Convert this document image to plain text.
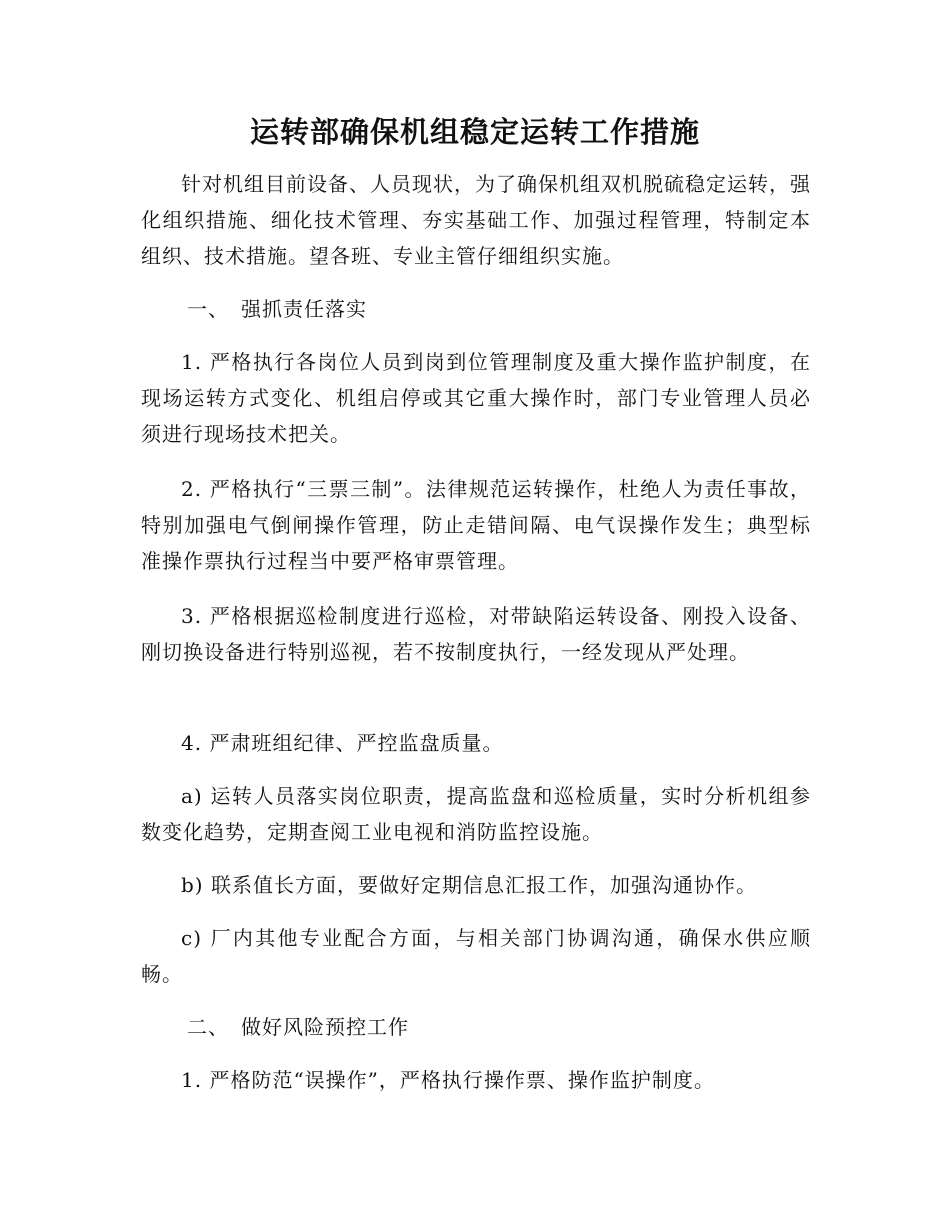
运转部确保机组稳定运转工作措施

针对机组目前设备、人员现状，为了确保机组双机脱硫稳定运转，强化组织措施、细化技术管理、夯实基础工作、加强过程管理，特制定本组织、技术措施。望各班、专业主管仔细组织实施。

一、 强抓责任落实

1. 严格执行各岗位人员到岗到位管理制度及重大操作监护制度，在现场运转方式变化、机组启停或其它重大操作时，部门专业管理人员必须进行现场技术把关。

2. 严格执行“三票三制”。法律规范运转操作，杜绝人为责任事故，特别加强电气倒闸操作管理，防止走错间隔、电气误操作发生；典型标准操作票执行过程当中要严格审票管理。

3. 严格根据巡检制度进行巡检，对带缺陷运转设备、刚投入设备、刚切换设备进行特别巡视，若不按制度执行，一经发现从严处理。

4. 严肃班组纪律、严控监盘质量。

a) 运转人员落实岗位职责，提高监盘和巡检质量，实时分析机组参数变化趋势，定期查阅工业电视和消防监控设施。

b) 联系值长方面，要做好定期信息汇报工作，加强沟通协作。

c) 厂内其他专业配合方面，与相关部门协调沟通，确保水供应顺畅。

二、 做好风险预控工作

1. 严格防范“误操作”，严格执行操作票、操作监护制度。
